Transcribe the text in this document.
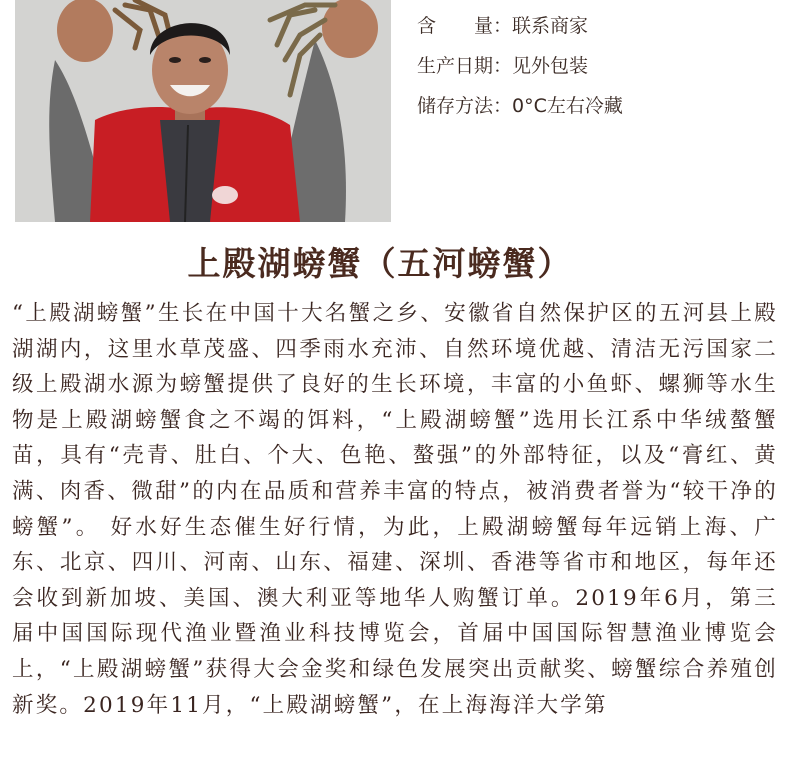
含　　量：联系商家
生产日期：见外包装
储存方法：0°C左右冷藏
上殿湖螃蟹（五河螃蟹）
“上殿湖螃蟹”生长在中国十大名蟹之乡、安徽省自然保护区的五河县上殿湖湖内，这里水草茂盛、四季雨水充沛、自然环境优越、清洁无污国家二级上殿湖水源为螃蟹提供了良好的生长环境，丰富的小鱼虾、螺狮等水生物是上殿湖螃蟹食之不竭的饵料，“上殿湖螃蟹”选用长江系中华绒螯蟹苗，具有“壳青、肚白、个大、色艳、螯强”的外部特征，以及“膏红、黄满、肉香、微甜”的内在品质和营养丰富的特点，被消费者誉为“较干净的螃蟹”。 好水好生态催生好行情，为此，上殿湖螃蟹每年远销上海、广东、北京、四川、河南、山东、福建、深圳、香港等省市和地区，每年还会收到新加坡、美国、澳大利亚等地华人购蟹订单。2019年6月，第三届中国国际现代渔业暨渔业科技博览会，首届中国国际智慧渔业博览会上，“上殿湖螃蟹”获得大会金奖和绿色发展突出贡献奖、螃蟹综合养殖创新奖。2019年11月，“上殿湖螃蟹”，在上海海洋大学第
